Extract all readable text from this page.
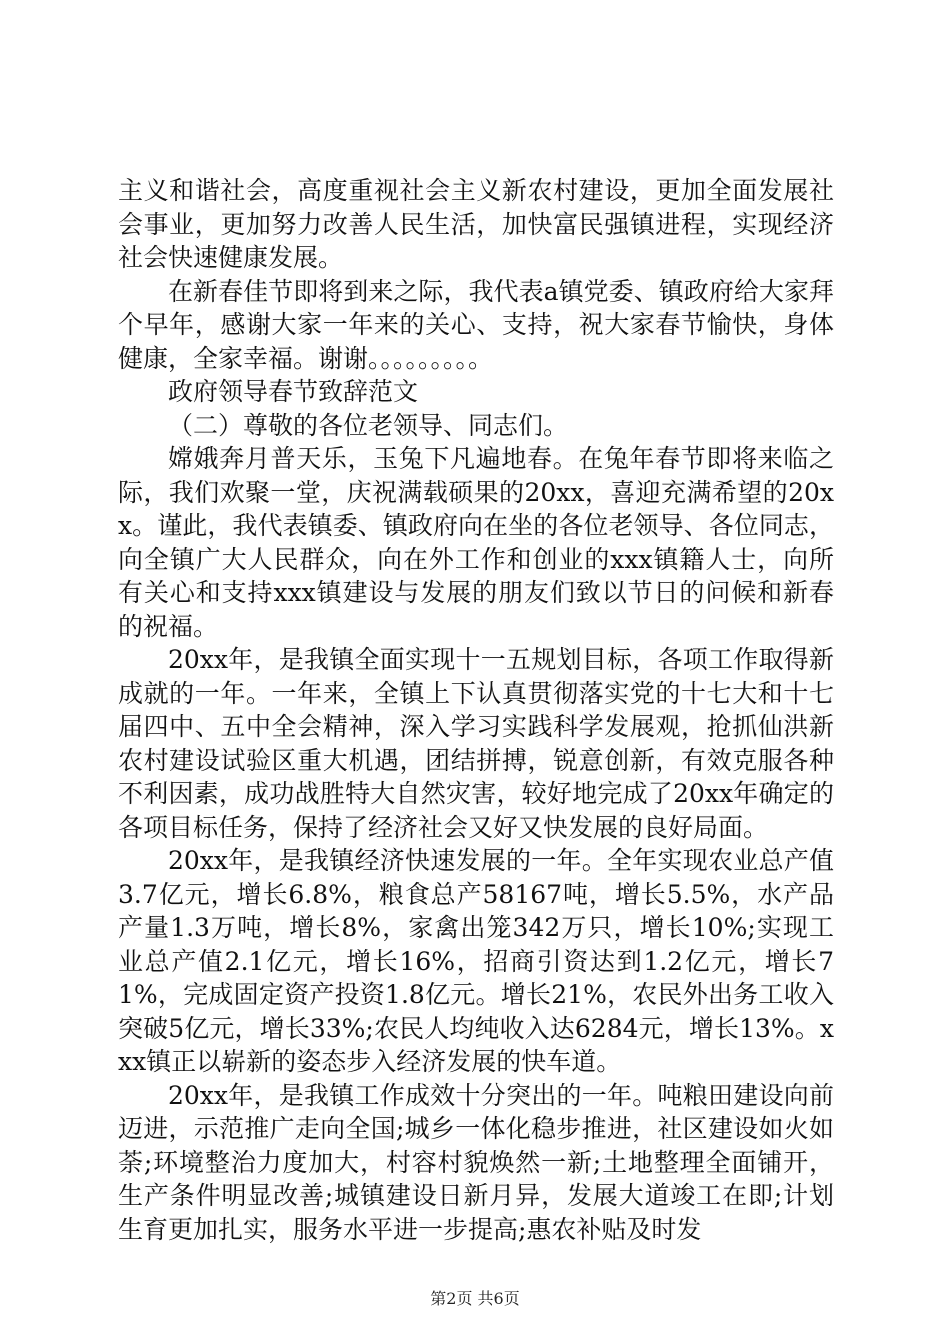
主义和谐社会，高度重视社会主义新农村建设，更加全面发展社会事业，更加努力改善人民生活，加快富民强镇进程，实现经济社会快速健康发展。

在新春佳节即将到来之际，我代表a镇党委、镇政府给大家拜个早年，感谢大家一年来的关心、支持，祝大家春节愉快，身体健康，全家幸福。谢谢。。。。。。。。。

政府领导春节致辞范文

（二）尊敬的各位老领导、同志们。

嫦娥奔月普天乐，玉兔下凡遍地春。在兔年春节即将来临之际，我们欢聚一堂，庆祝满载硕果的20xx，喜迎充满希望的20xx。谨此，我代表镇委、镇政府向在坐的各位老领导、各位同志，向全镇广大人民群众，向在外工作和创业的xxx镇籍人士，向所有关心和支持xxx镇建设与发展的朋友们致以节日的问候和新春的祝福。

20xx年，是我镇全面实现十一五规划目标，各项工作取得新成就的一年。一年来，全镇上下认真贯彻落实党的十七大和十七届四中、五中全会精神，深入学习实践科学发展观，抢抓仙洪新农村建设试验区重大机遇，团结拼搏，锐意创新，有效克服各种不利因素，成功战胜特大自然灾害，较好地完成了20xx年确定的各项目标任务，保持了经济社会又好又快发展的良好局面。

20xx年，是我镇经济快速发展的一年。全年实现农业总产值3.7亿元，增长6.8%，粮食总产58167吨，增长5.5%，水产品产量1.3万吨，增长8%，家禽出笼342万只，增长10%;实现工业总产值2.1亿元，增长16%，招商引资达到1.2亿元，增长71%，完成固定资产投资1.8亿元。增长21%，农民外出务工收入突破5亿元，增长33%;农民人均纯收入达6284元，增长13%。xxx镇正以崭新的姿态步入经济发展的快车道。

20xx年，是我镇工作成效十分突出的一年。吨粮田建设向前迈进，示范推广走向全国;城乡一体化稳步推进，社区建设如火如荼;环境整治力度加大，村容村貌焕然一新;土地整理全面铺开，生产条件明显改善;城镇建设日新月异，发展大道竣工在即;计划生育更加扎实，服务水平进一步提高;惠农补贴及时发

第2页 共6页
